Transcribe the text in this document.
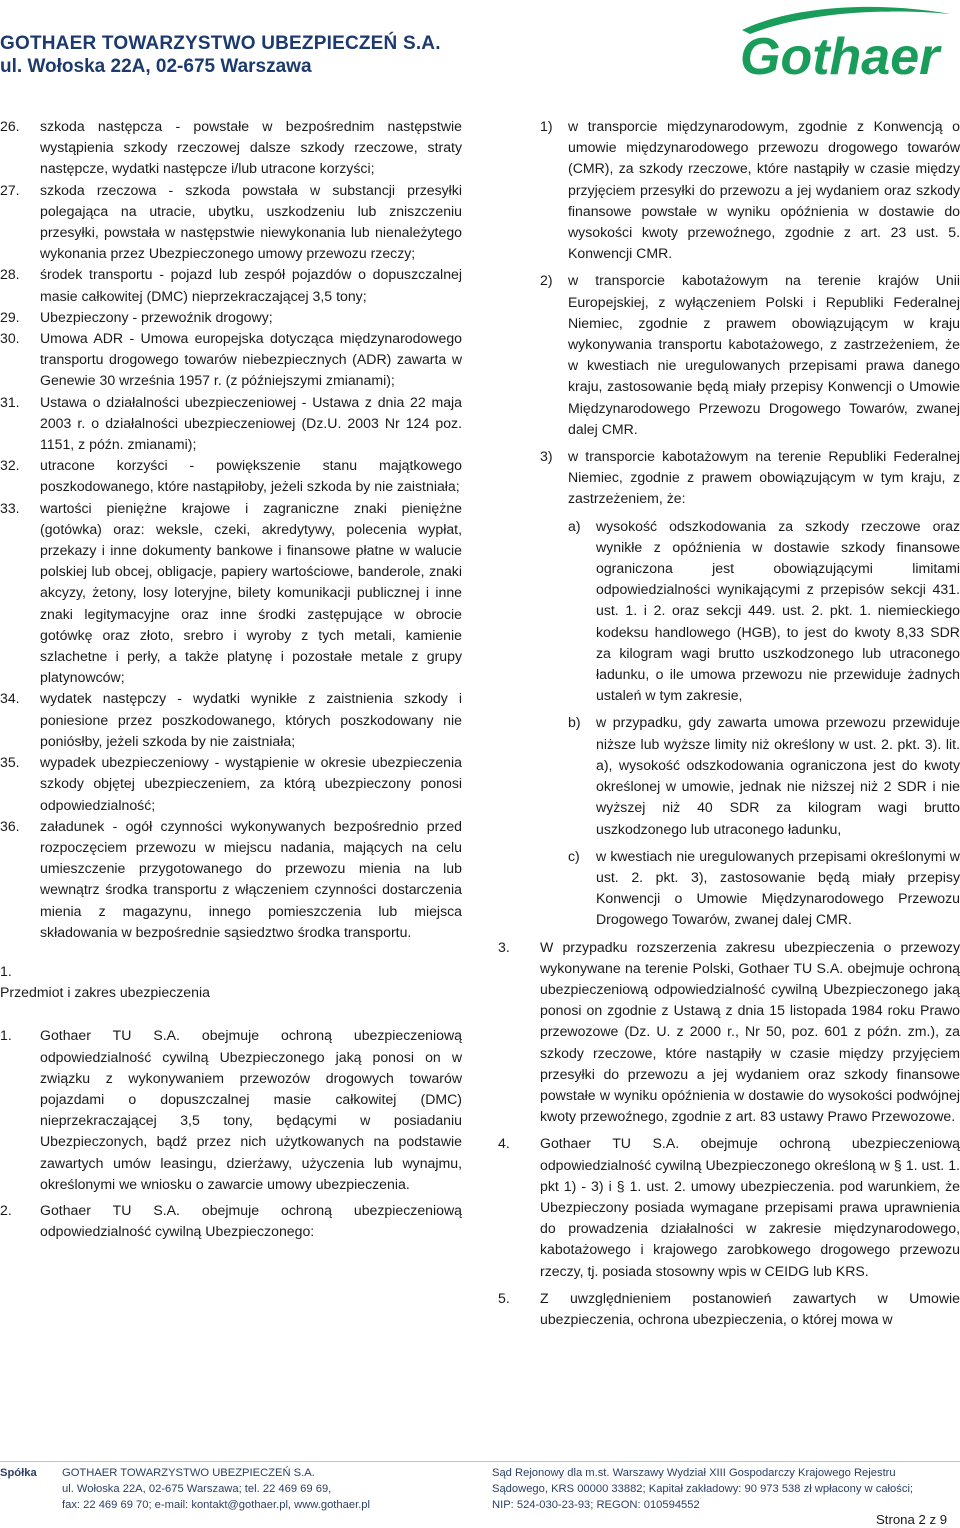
GOTHAER TOWARZYSTWO UBEZPIECZEŃ S.A.
ul. Wołoska 22A, 02-675 Warszawa	Gothaer
26.	szkoda następcza - powstałe w bezpośrednim następstwie wystąpienia szkody rzeczowej dalsze szkody rzeczowe, straty następcze, wydatki następcze i/lub utracone korzyści;
27.	szkoda rzeczowa - szkoda powstała w substancji przesyłki polegająca na utracie, ubytku, uszkodzeniu lub zniszczeniu przesyłki, powstała w następstwie niewykonania lub nienależytego wykonania przez Ubezpieczonego umowy przewozu rzeczy;
28.	środek transportu - pojazd lub zespół pojazdów o dopuszczalnej masie całkowitej (DMC) nieprzekraczającej 3,5 tony;
29.	Ubezpieczony - przewoźnik drogowy;
30.	Umowa ADR - Umowa europejska dotycząca międzynarodowego transportu drogowego towarów niebezpiecznych (ADR) zawarta w Genewie 30 września 1957 r. (z późniejszymi zmianami);
31.	Ustawa o działalności ubezpieczeniowej - Ustawa z dnia 22 maja 2003 r. o działalności ubezpieczeniowej (Dz.U. 2003 Nr 124 poz. 1151, z późn. zmianami);
32.	utracone korzyści - powiększenie stanu majątkowego poszkodowanego, które nastąpiłoby, jeżeli szkoda by nie zaistniała;
33.	wartości pieniężne krajowe i zagraniczne znaki pieniężne (gotówka) oraz: weksle, czeki, akredytywy, polecenia wypłat, przekazy i inne dokumenty bankowe i finansowe płatne w walucie polskiej lub obcej, obligacje, papiery wartościowe, banderole, znaki akcyzy, żetony, losy loteryjne, bilety komunikacji publicznej i inne znaki legitymacyjne oraz inne środki zastępujące w obrocie gotówkę oraz złoto, srebro i wyroby z tych metali, kamienie szlachetne i perły, a także platynę i pozostałe metale z grupy platynowców;
34.	wydatek następczy - wydatki wynikłe z zaistnienia szkody i poniesione przez poszkodowanego, których poszkodowany nie poniósłby, jeżeli szkoda by nie zaistniała;
35.	wypadek ubezpieczeniowy - wystąpienie w okresie ubezpieczenia szkody objętej ubezpieczeniem, za którą ubezpieczony ponosi odpowiedzialność;
36.	załadunek - ogół czynności wykonywanych bezpośrednio przed rozpoczęciem przewozu w miejscu nadania, mających na celu umieszczenie przygotowanego do przewozu mienia na lub wewnątrz środka transportu z włączeniem czynności dostarczenia mienia z magazynu, innego pomieszczenia lub miejsca składowania w bezpośrednie sąsiedztwo środka transportu.
1.
Przedmiot i zakres ubezpieczenia
1.	Gothaer TU S.A. obejmuje ochroną ubezpieczeniową odpowiedzialność cywilną Ubezpieczonego jaką ponosi on w związku z wykonywaniem przewozów drogowych towarów pojazdami o dopuszczalnej masie całkowitej (DMC) nieprzekraczającej 3,5 tony, będącymi w posiadaniu Ubezpieczonych, bądź przez nich użytkowanych na podstawie zawartych umów leasingu, dzierżawy, użyczenia lub wynajmu, określonymi we wniosku o zawarcie umowy ubezpieczenia.
2.	Gothaer TU S.A. obejmuje ochroną ubezpieczeniową odpowiedzialność cywilną Ubezpieczonego:
1)	w transporcie międzynarodowym, zgodnie z Konwencją o umowie międzynarodowego przewozu drogowego towarów (CMR), za szkody rzeczowe, które nastąpiły w czasie między przyjęciem przesyłki do przewozu a jej wydaniem oraz szkody finansowe powstałe w wyniku opóźnienia w dostawie do wysokości kwoty przewoźnego, zgodnie z art. 23 ust. 5. Konwencji CMR.
2)	w transporcie kabotażowym na terenie krajów Unii Europejskiej, z wyłączeniem Polski i Republiki Federalnej Niemiec, zgodnie z prawem obowiązującym w kraju wykonywania transportu kabotażowego, z zastrzeżeniem, że w kwestiach nie uregulowanych przepisami prawa danego kraju, zastosowanie będą miały przepisy Konwencji o Umowie Międzynarodowego Przewozu Drogowego Towarów, zwanej dalej CMR.
3)	w transporcie kabotażowym na terenie Republiki Federalnej Niemiec, zgodnie z prawem obowiązującym w tym kraju, z zastrzeżeniem, że:
a)	wysokość odszkodowania za szkody rzeczowe oraz wynikłe z opóźnienia w dostawie szkody finansowe ograniczona jest obowiązującymi limitami odpowiedzialności wynikającymi z przepisów sekcji 431. ust. 1. i 2. oraz sekcji 449. ust. 2. pkt. 1. niemieckiego kodeksu handlowego (HGB), to jest do kwoty 8,33 SDR za kilogram wagi brutto uszkodzonego lub utraconego ładunku, o ile umowa przewozu nie przewiduje żadnych ustaleń w tym zakresie,
b)	w przypadku, gdy zawarta umowa przewozu przewiduje niższe lub wyższe limity niż określony w ust. 2. pkt. 3). lit. a), wysokość odszkodowania ograniczona jest do kwoty określonej w umowie, jednak nie niższej niż 2 SDR i nie wyższej niż 40 SDR za kilogram wagi brutto uszkodzonego lub utraconego ładunku,
c)	w kwestiach nie uregulowanych przepisami określonymi w ust. 2. pkt. 3), zastosowanie będą miały przepisy Konwencji o Umowie Międzynarodowego Przewozu Drogowego Towarów, zwanej dalej CMR.
3.	W przypadku rozszerzenia zakresu ubezpieczenia o przewozy wykonywane na terenie Polski, Gothaer TU S.A. obejmuje ochroną ubezpieczeniową odpowiedzialność cywilną Ubezpieczonego jaką ponosi on zgodnie z Ustawą z dnia 15 listopada 1984 roku Prawo przewozowe (Dz. U. z 2000 r., Nr 50, poz. 601 z późn. zm.), za szkody rzeczowe, które nastąpiły w czasie między przyjęciem przesyłki do przewozu a jej wydaniem oraz szkody finansowe powstałe w wyniku opóźnienia w dostawie do wysokości podwójnej kwoty przewoźnego, zgodnie z art. 83 ustawy Prawo Przewozowe.
4.	Gothaer TU S.A. obejmuje ochroną ubezpieczeniową odpowiedzialność cywilną Ubezpieczonego określoną w § 1. ust. 1. pkt 1) - 3) i § 1. ust. 2. umowy ubezpieczenia. pod warunkiem, że Ubezpieczony posiada wymagane przepisami prawa uprawnienia do prowadzenia działalności w zakresie międzynarodowego, kabotażowego i krajowego zarobkowego drogowego przewozu rzeczy, tj. posiada stosowny wpis w CEIDG lub KRS.
5.	Z uwzględnieniem postanowień zawartych w Umowie ubezpieczenia, ochrona ubezpieczenia, o której mowa w
Spółka GOTHAER TOWARZYSTWO UBEZPIECZEŃ S.A.
ul. Wołoska 22A, 02-675 Warszawa; tel. 22 469 69 69,
fax: 22 469 69 70; e-mail: kontakt@gothaer.pl, www.gothaer.pl
Sąd Rejonowy dla m.st. Warszawy Wydział XIII Gospodarczy Krajowego Rejestru
Sądowego, KRS 00000 33882; Kapitał zakładowy: 90 973 538 zł wpłacony w całości;
NIP: 524-030-23-93; REGON: 010594552
Strona 2 z 9
